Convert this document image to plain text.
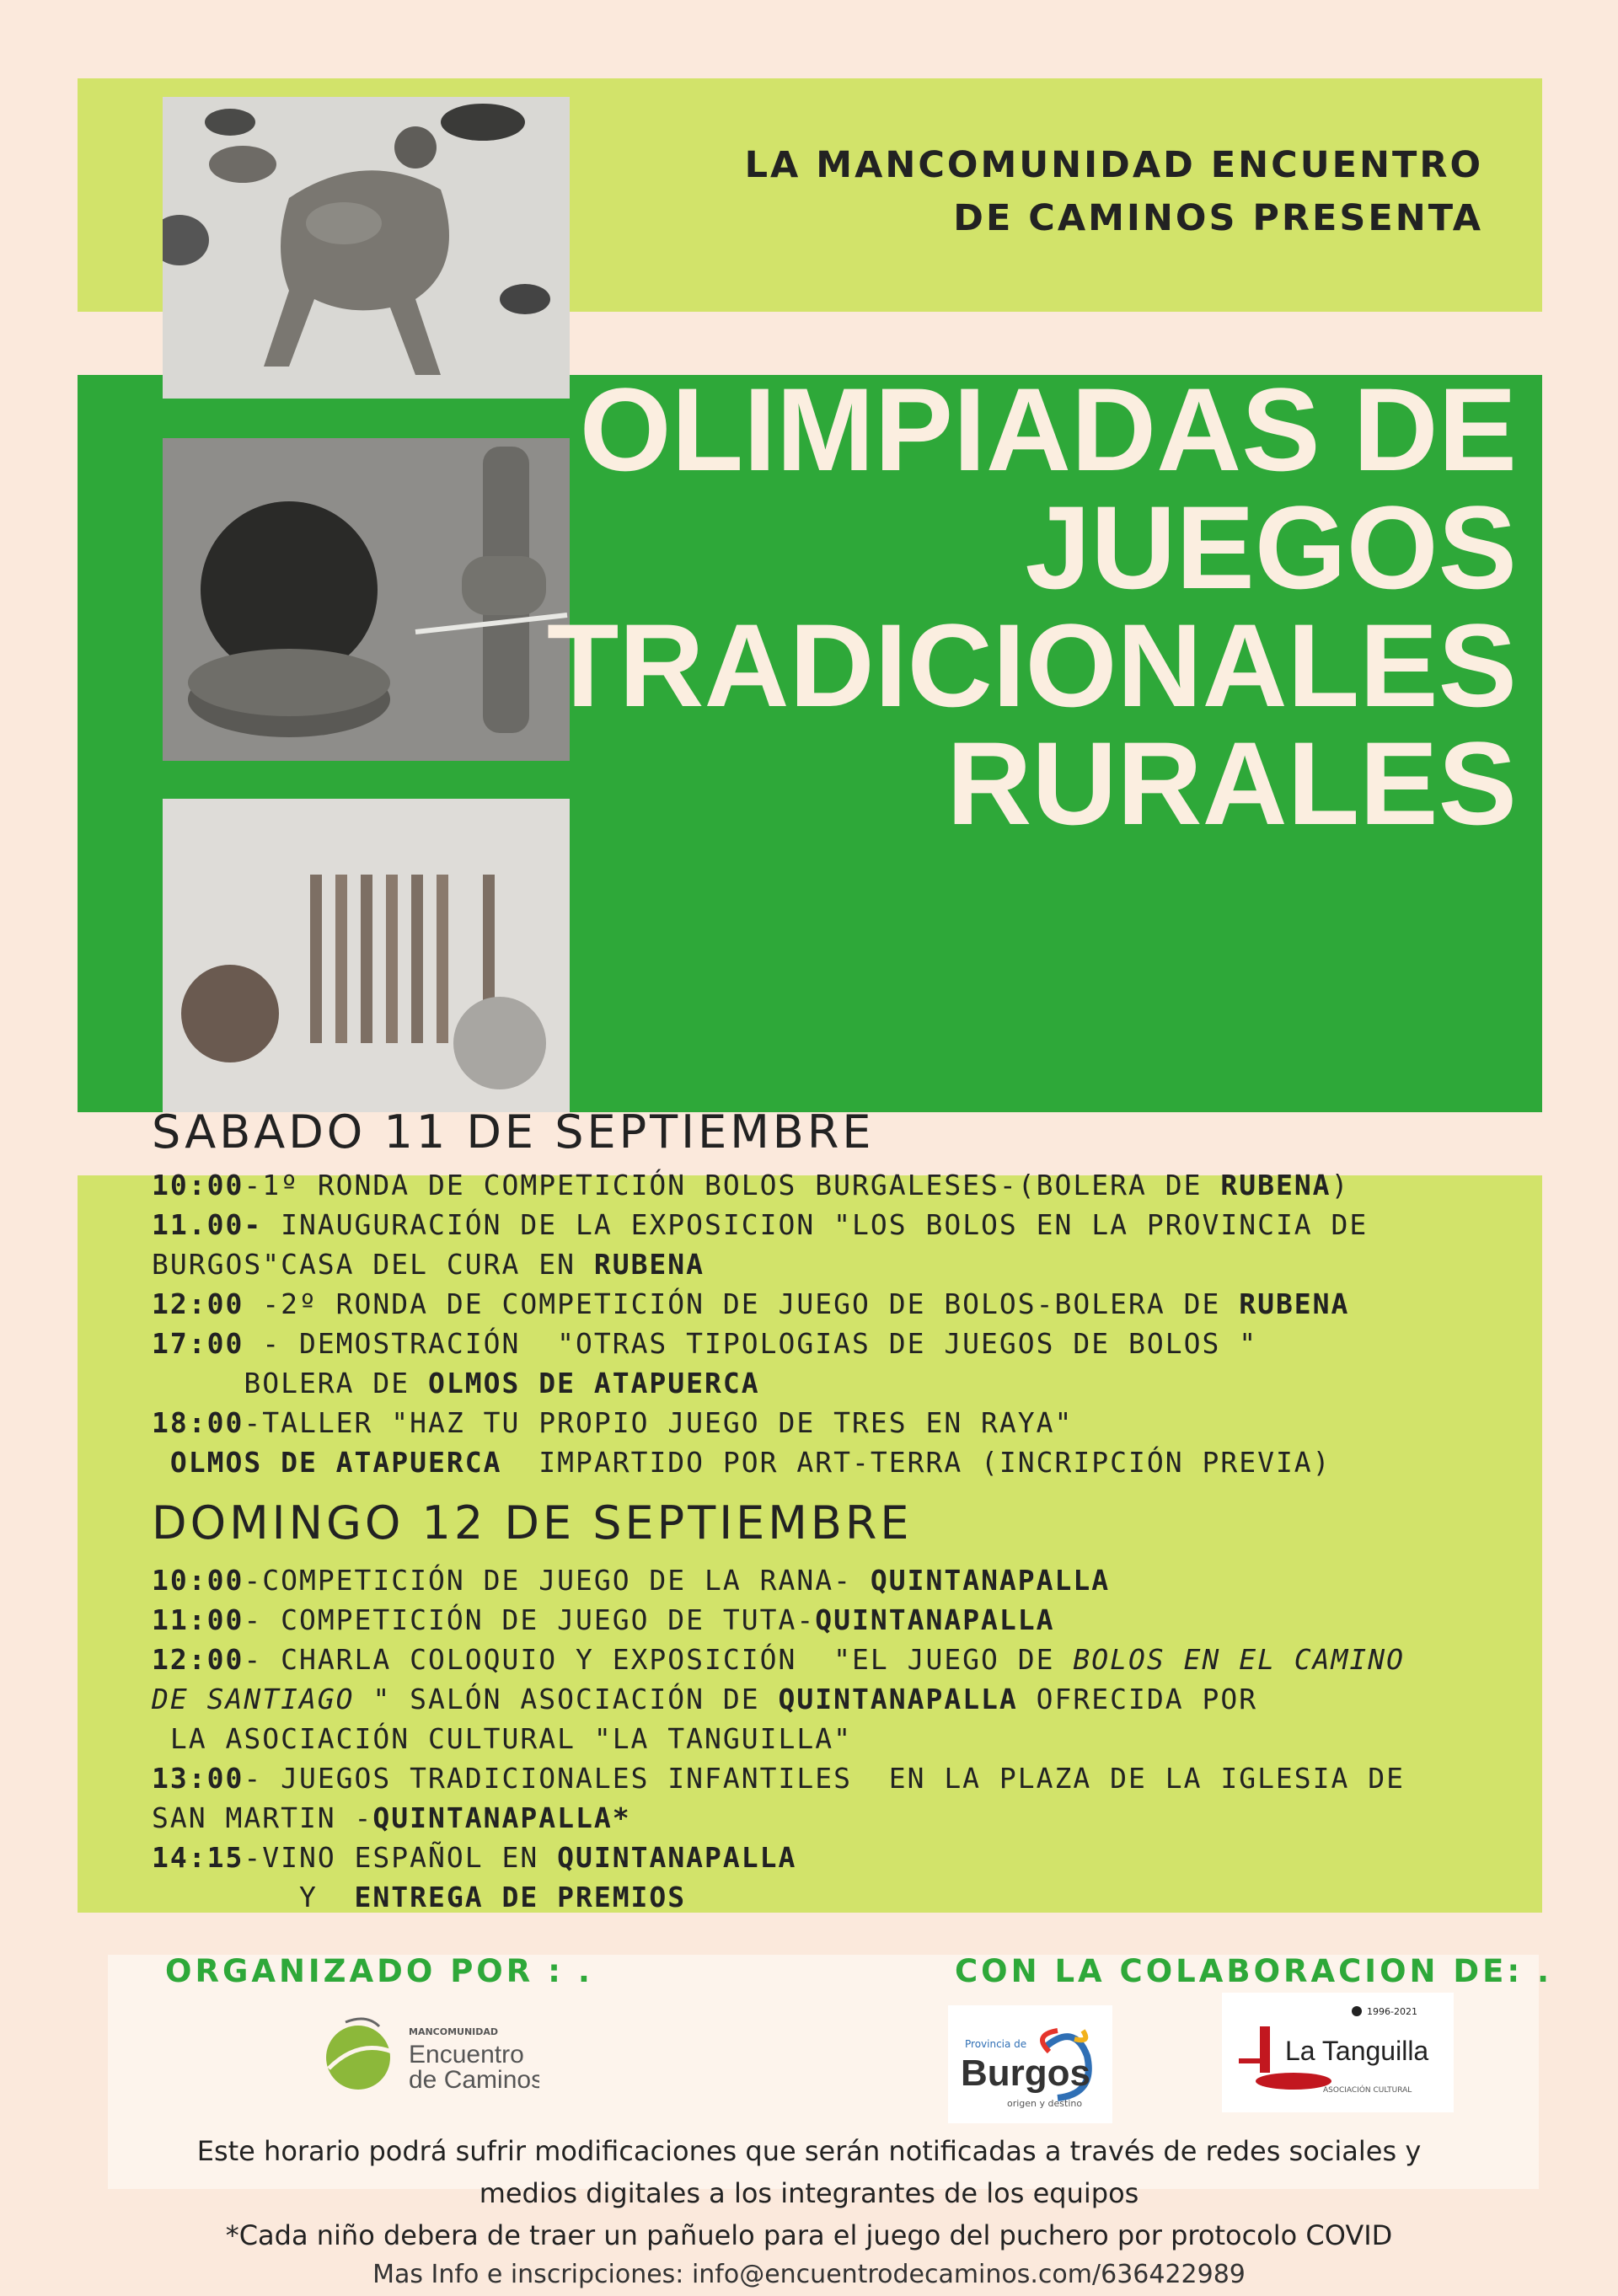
LA MANCOMUNIDAD ENCUENTRO
DE CAMINOS PRESENTA

OLIMPIADAS DE
JUEGOS
TRADICIONALES
RURALES
SABADO 11 DE SEPTIEMBRE
10:00-1º RONDA DE COMPETICIÓN BOLOS BURGALESES-(BOLERA DE RUBENA)
11.00- INAUGURACIÓN DE LA EXPOSICION "LOS BOLOS EN LA PROVINCIA DE
BURGOS"CASA DEL CURA EN RUBENA
12:00 -2º RONDA DE COMPETICIÓN DE JUEGO DE BOLOS-BOLERA DE RUBENA
17:00 - DEMOSTRACIÓN  "OTRAS TIPOLOGIAS DE JUEGOS DE BOLOS "
BOLERA DE OLMOS DE ATAPUERCA
18:00-TALLER "HAZ TU PROPIO JUEGO DE TRES EN RAYA"
OLMOS DE ATAPUERCA  IMPARTIDO POR ART-TERRA (INCRIPCIÓN PREVIA)
DOMINGO 12 DE SEPTIEMBRE
10:00-COMPETICIÓN DE JUEGO DE LA RANA- QUINTANAPALLA
11:00- COMPETICIÓN DE JUEGO DE TUTA-QUINTANAPALLA
12:00- CHARLA COLOQUIO Y EXPOSICIÓN  "EL JUEGO DE BOLOS EN EL CAMINO
DE SANTIAGO " SALÓN ASOCIACIÓN DE QUINTANAPALLA OFRECIDA POR
LA ASOCIACIÓN CULTURAL "LA TANGUILLA"
13:00- JUEGOS TRADICIONALES INFANTILES  EN LA PLAZA DE LA IGLESIA DE
SAN MARTIN -QUINTANAPALLA*
14:15-VINO ESPAÑOL EN QUINTANAPALLA
Y  ENTREGA DE PREMIOS
ORGANIZADO POR : .	CON LA COLABORACION DE: .
MANCOMUNIDAD
Encuentro
de Caminos
Provincia de
Burgos
origen y destino
1996-2021
La Tanguilla
ASOCIACIÓN CULTURAL

Este horario podrá sufrir modificaciones que serán notificadas a través de redes sociales y
medios digitales a los integrantes de los equipos

*Cada niño debera de traer un pañuelo para el juego del puchero por protocolo COVID

Mas Info e inscripciones: info@encuentrodecaminos.com/636422989
